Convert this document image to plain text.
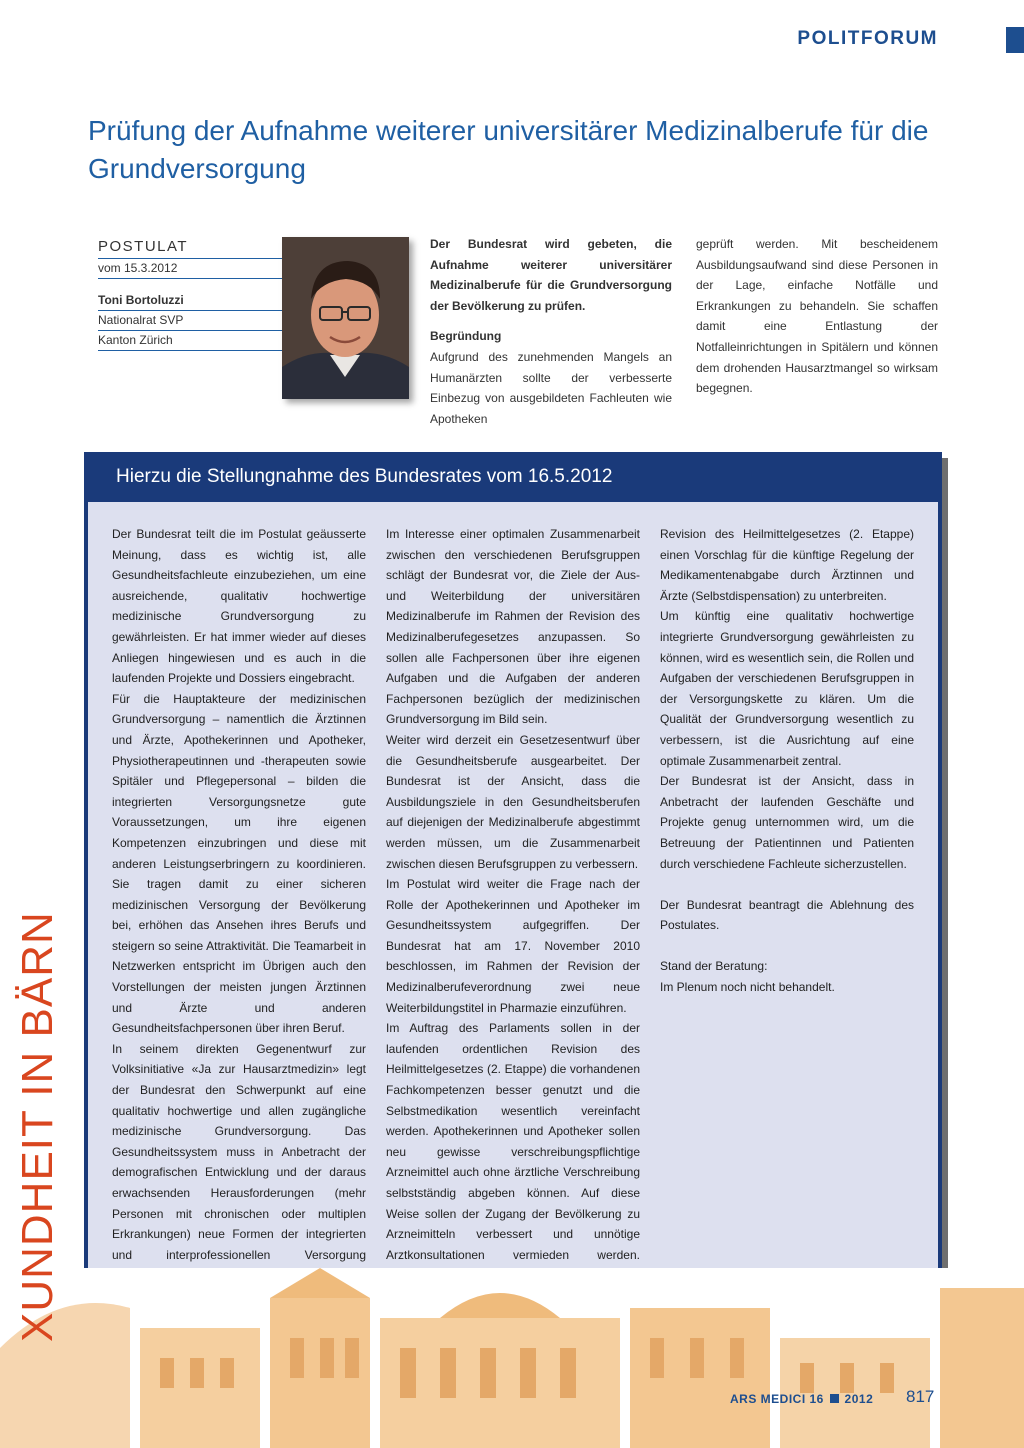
POLITFORUM
Prüfung der Aufnahme weiterer universitärer Medizinalberufe für die Grundversorgung
POSTULAT
vom 15.3.2012
Toni Bortoluzzi
Nationalrat SVP
Kanton Zürich

Der Bundesrat wird gebeten, die Aufnahme weiterer universitärer Medizinalberufe für die Grundversorgung der Bevölkerung zu prüfen.

Begründung

Aufgrund des zunehmenden Mangels an Humanärzten sollte der verbesserte Einbezug von ausgebildeten Fachleuten wie Apotheken

geprüft werden. Mit bescheidenem Ausbildungsaufwand sind diese Personen in der Lage, einfache Notfälle und Erkrankungen zu behandeln. Sie schaffen damit eine Entlastung der Notfalleinrichtungen in Spitälern und können dem drohenden Hausarztmangel so wirksam begegnen.

Hierzu die Stellungnahme des Bundesrates vom 16.5.2012

Der Bundesrat teilt die im Postulat geäusserte Meinung, dass es wichtig ist, alle Gesundheitsfachleute einzubeziehen, um eine ausreichende, qualitativ hochwertige medizinische Grundversorgung zu gewährleisten. Er hat immer wieder auf dieses Anliegen hingewiesen und es auch in die laufenden Projekte und Dossiers eingebracht.

Für die Hauptakteure der medizinischen Grundversorgung – namentlich die Ärztinnen und Ärzte, Apothekerinnen und Apotheker, Physiotherapeutinnen und -therapeuten sowie Spitäler und Pflegepersonal – bilden die integrierten Versorgungsnetze gute Voraussetzungen, um ihre eigenen Kompetenzen einzubringen und diese mit anderen Leistungserbringern zu koordinieren. Sie tragen damit zu einer sicheren medizinischen Versorgung der Bevölkerung bei, erhöhen das Ansehen ihres Berufs und steigern so seine Attraktivität. Die Teamarbeit in Netzwerken entspricht im Übrigen auch den Vorstellungen der meisten jungen Ärztinnen und Ärzte und anderen Gesundheitsfachpersonen über ihren Beruf.

In seinem direkten Gegenentwurf zur Volksinitiative «Ja zur Hausarztmedizin» legt der Bundesrat den Schwerpunkt auf eine qualitativ hochwertige und allen zugängliche medizinische Grundversorgung. Das Gesundheitssystem muss in Anbetracht der demografischen Entwicklung und der daraus erwachsenden Herausforderungen (mehr Personen mit chronischen oder multiplen Erkrankungen) neue Formen der integrierten und interprofessionellen Versorgung

Im Interesse einer optimalen Zusammenarbeit zwischen den verschiedenen Berufsgruppen schlägt der Bundesrat vor, die Ziele der Aus- und Weiterbildung der universitären Medizinalberufe im Rahmen der Revision des Medizinalberufegesetzes anzupassen. So sollen alle Fachpersonen über ihre eigenen Aufgaben und die Aufgaben der anderen Fachpersonen bezüglich der medizinischen Grundversorgung im Bild sein.

Weiter wird derzeit ein Gesetzesentwurf über die Gesundheitsberufe ausgearbeitet. Der Bundesrat ist der Ansicht, dass die Ausbildungsziele in den Gesundheitsberufen auf diejenigen der Medizinalberufe abgestimmt werden müssen, um die Zusammenarbeit zwischen diesen Berufsgruppen zu verbessern.

Im Postulat wird weiter die Frage nach der Rolle der Apothekerinnen und Apotheker im Gesundheitssystem aufgegriffen. Der Bundesrat hat am 17. November 2010 beschlossen, im Rahmen der Revision der Medizinalberufeverordnung zwei neue Weiterbildungstitel in Pharmazie einzuführen.

Im Auftrag des Parlaments sollen in der laufenden ordentlichen Revision des Heilmittelgesetzes (2. Etappe) die vorhandenen Fachkompetenzen besser genutzt und die Selbstmedikation wesentlich vereinfacht werden. Apothekerinnen und Apotheker sollen neu gewisse verschreibungspflichtige Arzneimittel auch ohne ärztliche Verschreibung selbstständig abgeben können. Auf diese Weise sollen der Zugang der Bevölkerung zu Arzneimitteln verbessert und unnötige Arztkonsultationen vermieden werden.

Revision des Heilmittelgesetzes (2. Etappe) einen Vorschlag für die künftige Regelung der Medikamentenabgabe durch Ärztinnen und Ärzte (Selbstdispensation) zu unterbreiten.

Um künftig eine qualitativ hochwertige integrierte Grundversorgung gewährleisten zu können, wird es wesentlich sein, die Rollen und Aufgaben der verschiedenen Berufsgruppen in der Versorgungskette zu klären. Um die Qualität der Grundversorgung wesentlich zu verbessern, ist die Ausrichtung auf eine optimale Zusammenarbeit zentral.

Der Bundesrat ist der Ansicht, dass in Anbetracht der laufenden Geschäfte und Projekte genug unternommen wird, um die Betreuung der Patientinnen und Patienten durch verschiedene Fachleute sicherzustellen.

Der Bundesrat beantragt die Ablehnung des Postulates.

Stand der Beratung:

Im Plenum noch nicht behandelt.

XUNDHEIT IN BÄRN
ARS MEDICI 16 2012 817
